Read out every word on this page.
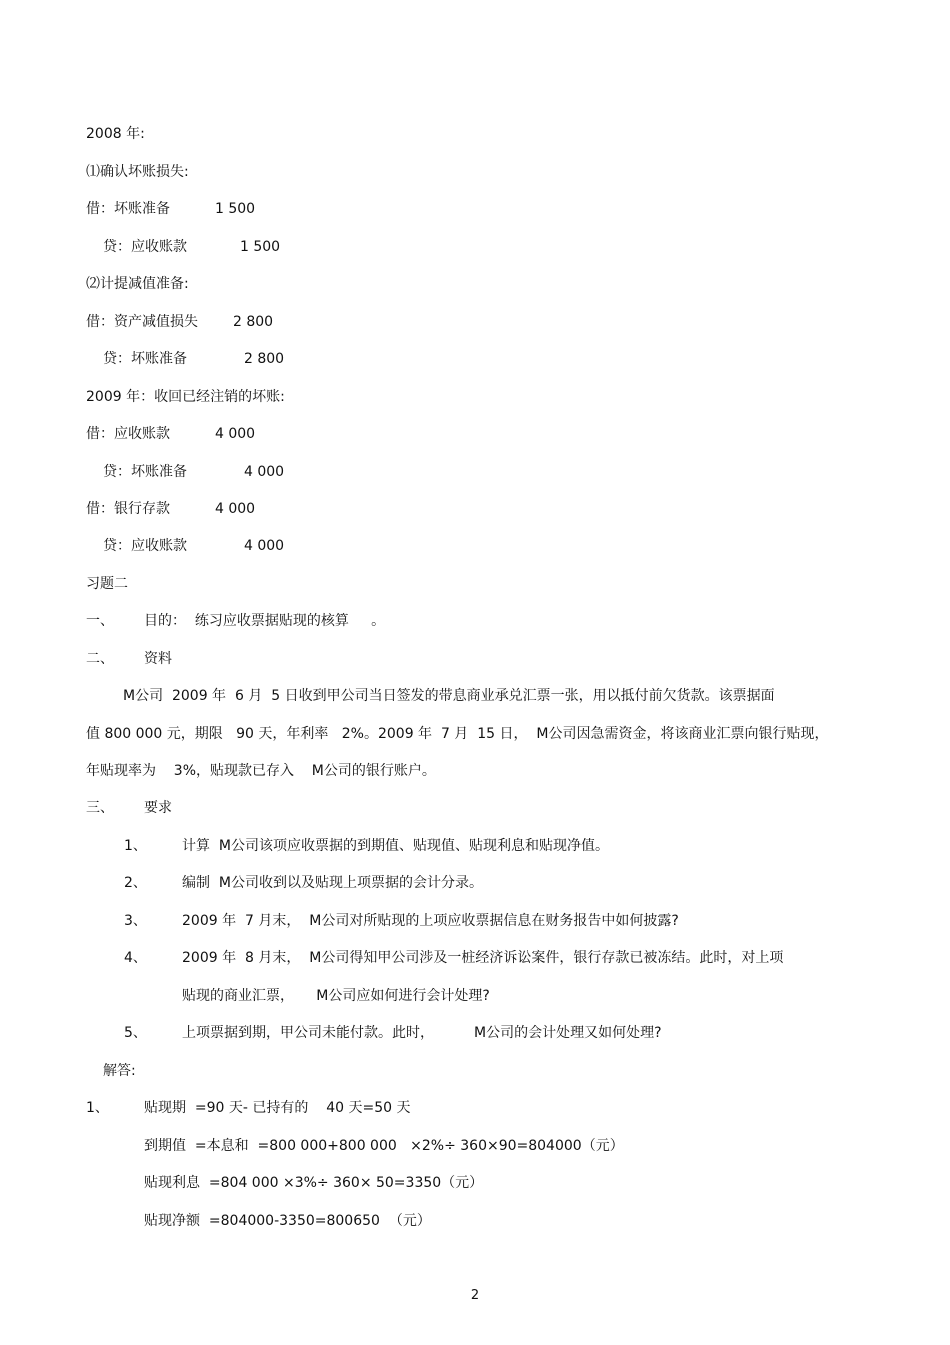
2008 年:
⑴确认坏账损失:
借：坏账准备	1 500
贷：应收账款	1 500
⑵计提减值准备:
借：资产减值损失	2 800
贷：坏账准备	2 800
2009 年：收回已经注销的坏账:
借：应收账款	4 000
贷：坏账准备	4 000
借：银行存款	4 000
贷：应收账款	4 000
习题二
一、 目的：  练习应收票据贴现的核算     。
二、 资料
M公司  2009 年  6 月  5 日收到甲公司当日签发的带息商业承兑汇票一张，用以抵付前欠货款。该票据面
值 800 000 元，期限   90 天，年利率   2%。2009 年  7 月  15 日，  M公司因急需资金，将该商业汇票向银行贴现，
年贴现率为    3%，贴现款已存入    M公司的银行账户。
三、 要求
1、	计算  M公司该项应收票据的到期值、贴现值、贴现利息和贴现净值。
2、	编制  M公司收到以及贴现上项票据的会计分录。
3、	2009 年  7 月末，  M公司对所贴现的上项应收票据信息在财务报告中如何披露?
4、	2009 年  8 月末，  M公司得知甲公司涉及一桩经济诉讼案件，银行存款已被冻结。此时，对上项
贴现的商业汇票，     M公司应如何进行会计处理?
5、	上项票据到期，甲公司未能付款。此时，         M公司的会计处理又如何处理?
解答:
1、	贴现期  =90 天- 已持有的    40 天=50 天
到期值  =本息和  =800 000+800 000   ×2%÷ 360×90=804000（元）
贴现利息  =804 000 ×3%÷ 360× 50=3350（元）
贴现净额  =804000-3350=800650  （元）
2
